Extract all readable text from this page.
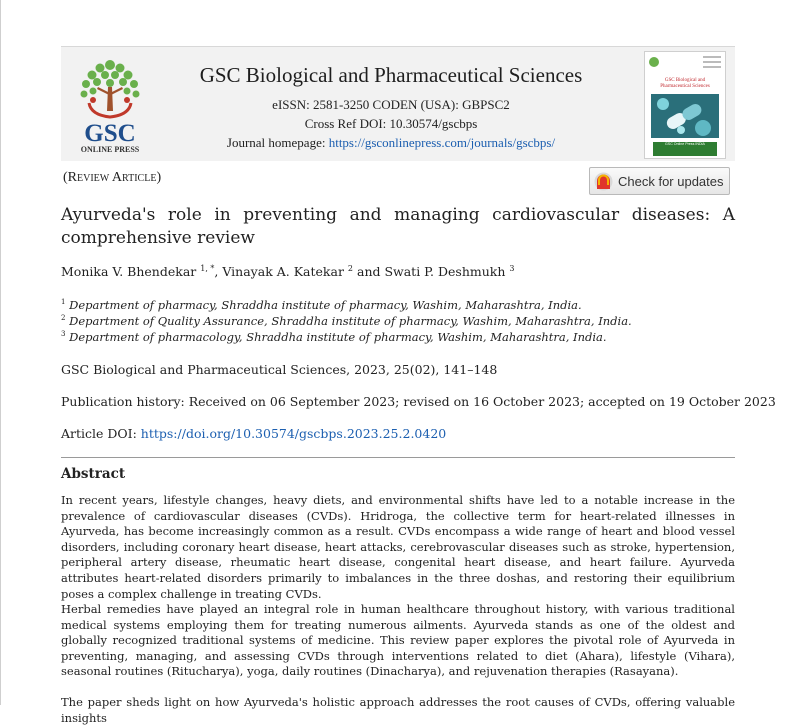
GSC
ONLINE PRESS
GSC Biological and Pharmaceutical Sciences
eISSN: 2581-3250 CODEN (USA): GBPSC2
Cross Ref DOI: 10.30574/gscbps
Journal homepage: https://gsconlinepress.com/journals/gscbps/
GSC Biological and Pharmaceutical Sciences
GSC Online Press INDIA
(Review Article)	Check for updates
Ayurveda's role in preventing and managing cardiovascular diseases: A comprehensive review
Monika V. Bhendekar $^{1, *}$, Vinayak A. Katekar $^2$ and Swati P. Deshmukh $^3$
$^1$ Department of pharmacy, Shraddha institute of pharmacy, Washim, Maharashtra, India.
$^2$ Department of Quality Assurance, Shraddha institute of pharmacy, Washim, Maharashtra, India.
$^3$ Department of pharmacology, Shraddha institute of pharmacy, Washim, Maharashtra, India.
GSC Biological and Pharmaceutical Sciences, 2023, 25(02), 141–148
Publication history: Received on 06 September 2023; revised on 16 October 2023; accepted on 19 October 2023
Article DOI: https://doi.org/10.30574/gscbps.2023.25.2.0420
Abstract

In recent years, lifestyle changes, heavy diets, and environmental shifts have led to a notable increase in the prevalence of cardiovascular diseases (CVDs). Hridroga, the collective term for heart-related illnesses in Ayurveda, has become increasingly common as a result. CVDs encompass a wide range of heart and blood vessel disorders, including coronary heart disease, heart attacks, cerebrovascular diseases such as stroke, hypertension, peripheral artery disease, rheumatic heart disease, congenital heart disease, and heart failure. Ayurveda attributes heart-related disorders primarily to imbalances in the three doshas, and restoring their equilibrium poses a complex challenge in treating CVDs.

Herbal remedies have played an integral role in human healthcare throughout history, with various traditional medical systems employing them for treating numerous ailments. Ayurveda stands as one of the oldest and globally recognized traditional systems of medicine. This review paper explores the pivotal role of Ayurveda in preventing, managing, and assessing CVDs through interventions related to diet (Ahara), lifestyle (Vihara), seasonal routines (Ritucharya), yoga, daily routines (Dinacharya), and rejuvenation therapies (Rasayana).

The paper sheds light on how Ayurveda's holistic approach addresses the root causes of CVDs, offering valuable insights
